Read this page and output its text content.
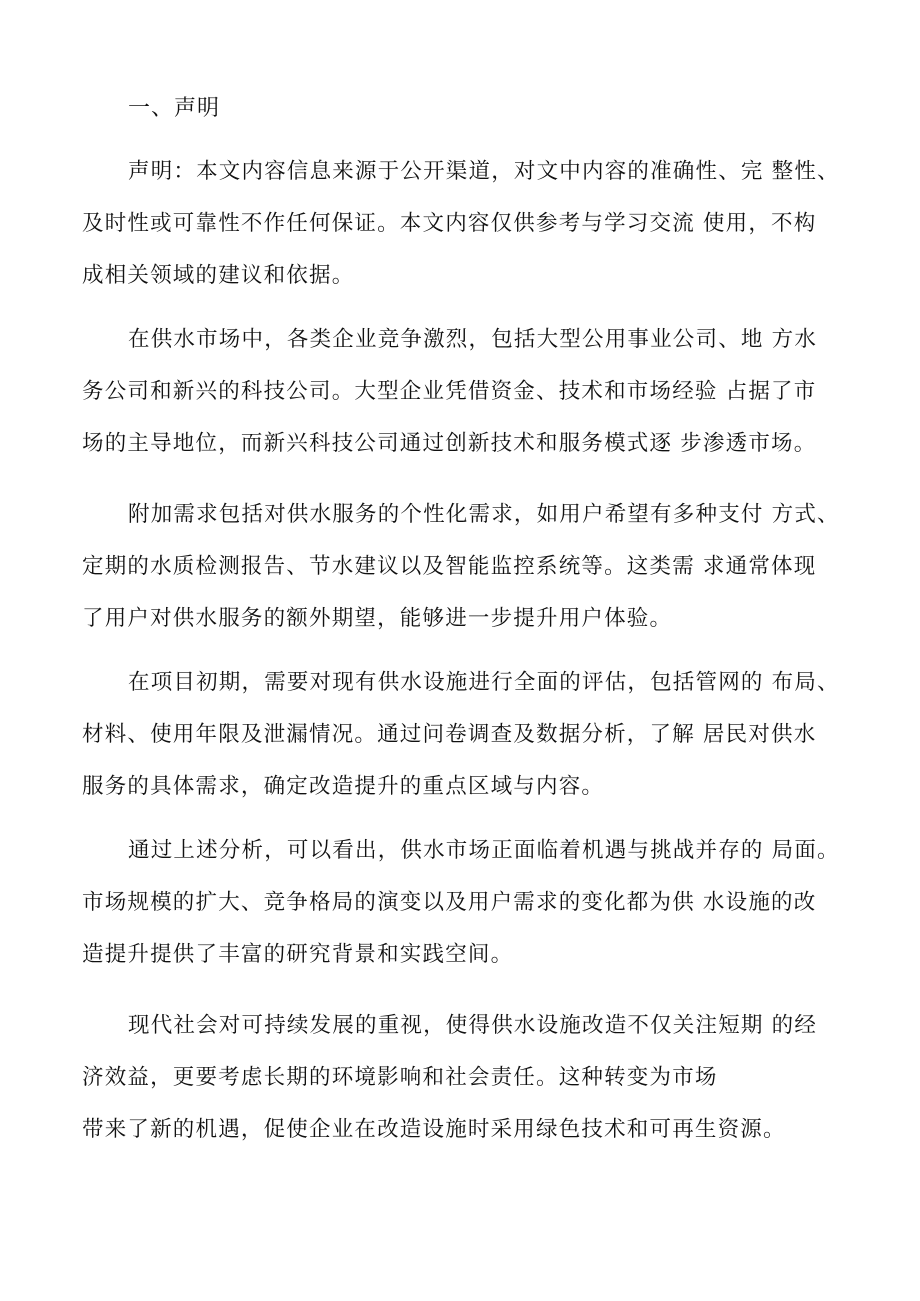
一、声明

声明：本文内容信息来源于公开渠道，对文中内容的准确性、完 整性、
及时性或可靠性不作任何保证。本文内容仅供参考与学习交流 使用，不构
成相关领域的建议和依据。

在供水市场中，各类企业竞争激烈，包括大型公用事业公司、地 方水
务公司和新兴的科技公司。大型企业凭借资金、技术和市场经验 占据了市
场的主导地位，而新兴科技公司通过创新技术和服务模式逐 步渗透市场。

附加需求包括对供水服务的个性化需求，如用户希望有多种支付 方式、
定期的水质检测报告、节水建议以及智能监控系统等。这类需 求通常体现
了用户对供水服务的额外期望，能够进一步提升用户体验。

在项目初期，需要对现有供水设施进行全面的评估，包括管网的 布局、
材料、使用年限及泄漏情况。通过问卷调查及数据分析，了解 居民对供水
服务的具体需求，确定改造提升的重点区域与内容。

通过上述分析，可以看出，供水市场正面临着机遇与挑战并存的 局面。
市场规模的扩大、竞争格局的演变以及用户需求的变化都为供 水设施的改
造提升提供了丰富的研究背景和实践空间。

现代社会对可持续发展的重视，使得供水设施改造不仅关注短期 的经
济效益，更要考虑长期的环境影响和社会责任。这种转变为市场
带来了新的机遇，促使企业在改造设施时采用绿色技术和可再生资源。
